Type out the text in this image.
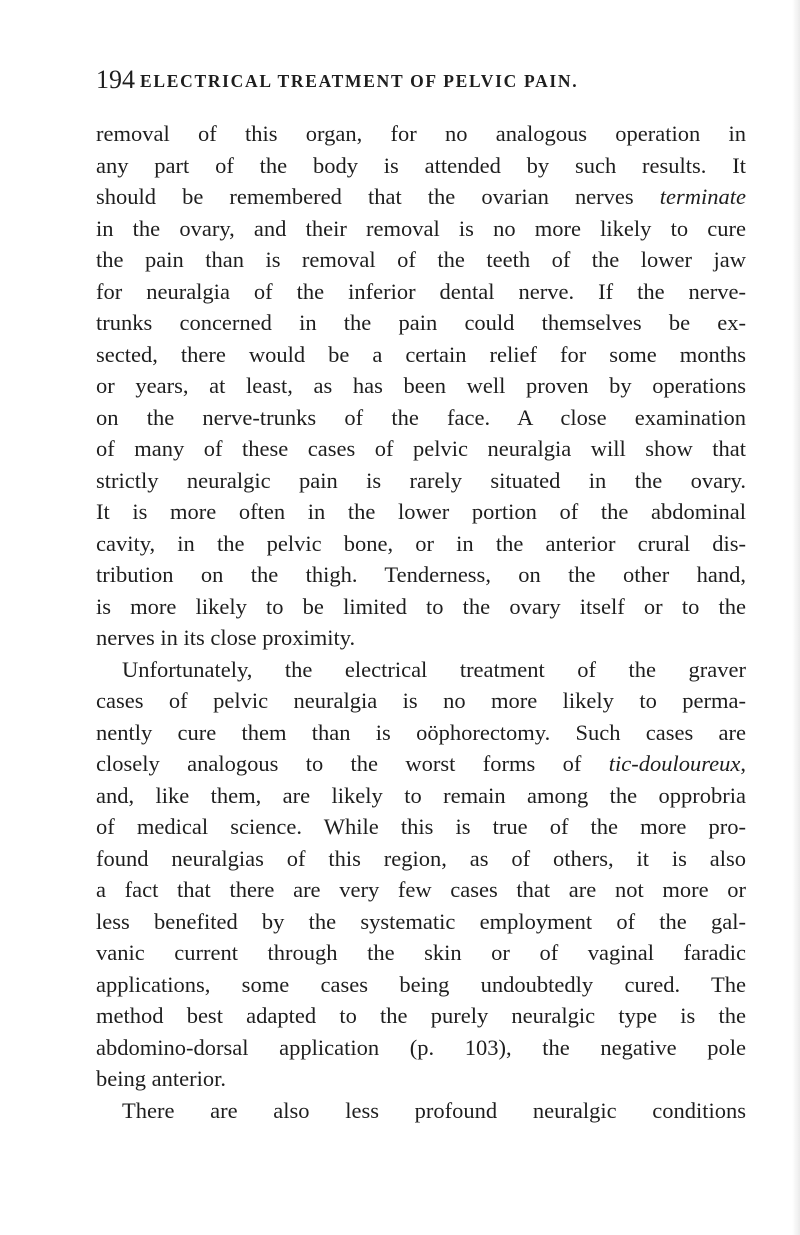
194 ELECTRICAL TREATMENT OF PELVIC PAIN.
removal of this organ, for no analogous operation in
any part of the body is attended by such results. It
should be remembered that the ovarian nerves terminate
in the ovary, and their removal is no more likely to cure
the pain than is removal of the teeth of the lower jaw
for neuralgia of the inferior dental nerve. If the nerve-
trunks concerned in the pain could themselves be ex-
sected, there would be a certain relief for some months
or years, at least, as has been well proven by operations
on the nerve-trunks of the face. A close examination
of many of these cases of pelvic neuralgia will show that
strictly neuralgic pain is rarely situated in the ovary.
It is more often in the lower portion of the abdominal
cavity, in the pelvic bone, or in the anterior crural dis-
tribution on the thigh. Tenderness, on the other hand,
is more likely to be limited to the ovary itself or to the
nerves in its close proximity.
Unfortunately, the electrical treatment of the graver
cases of pelvic neuralgia is no more likely to perma-
nently cure them than is oöphorectomy. Such cases are
closely analogous to the worst forms of tic-douloureux,
and, like them, are likely to remain among the opprobria
of medical science. While this is true of the more pro-
found neuralgias of this region, as of others, it is also
a fact that there are very few cases that are not more or
less benefited by the systematic employment of the gal-
vanic current through the skin or of vaginal faradic
applications, some cases being undoubtedly cured. The
method best adapted to the purely neuralgic type is the
abdomino-dorsal application (p. 103), the negative pole
being anterior.
There are also less profound neuralgic conditions
